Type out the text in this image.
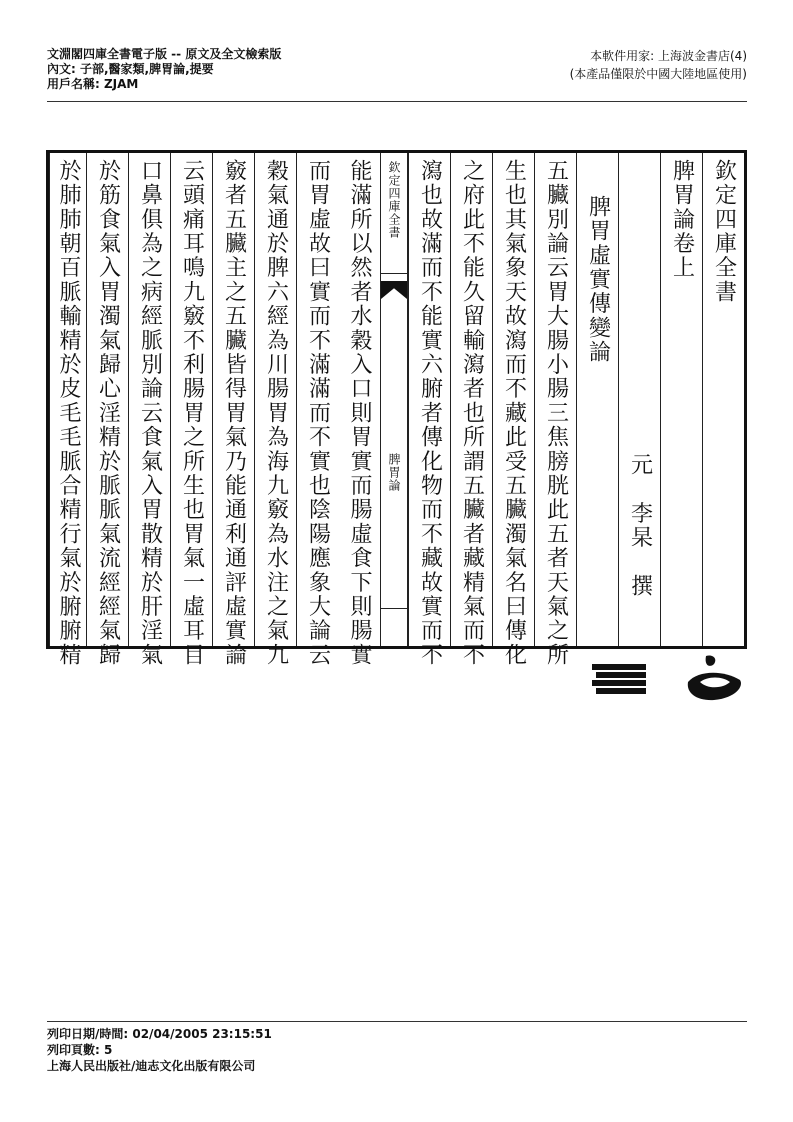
文淵閣四庫全書電子版 -- 原文及全文檢索版
內文: 子部,醫家類,脾胃論,提要
用戶名稱: ZJAM
本軟件用家: 上海波金書店(4)
(本產品僅限於中國大陸地區使用)
欽定四庫全書
脾胃論卷上
元　李杲　撰
脾胃虛實傳變論
五臟別論云胃大腸小腸三焦膀胱此五者天氣之所
生也其氣象天故瀉而不藏此受五臟濁氣名曰傳化
之府此不能久留輸瀉者也所謂五臟者藏精氣而不
瀉也故滿而不能實六腑者傳化物而不藏故實而不
欽定四庫全書
脾胃論
能滿所以然者水穀入口則胃實而腸虛食下則腸實
而胃虛故曰實而不滿滿而不實也陰陽應象大論云
穀氣通於脾六經為川腸胃為海九竅為水注之氣九
竅者五臟主之五臟皆得胃氣乃能通利通評虛實論
云頭痛耳鳴九竅不利腸胃之所生也胃氣一虛耳目
口鼻俱為之病經脈別論云食氣入胃散精於肝淫氣
於筋食氣入胃濁氣歸心淫精於脈脈氣流經經氣歸
於肺肺朝百脈輸精於皮毛毛脈合精行氣於腑腑精
列印日期/時間: 02/04/2005 23:15:51
列印頁數: 5
上海人民出版社/迪志文化出版有限公司
